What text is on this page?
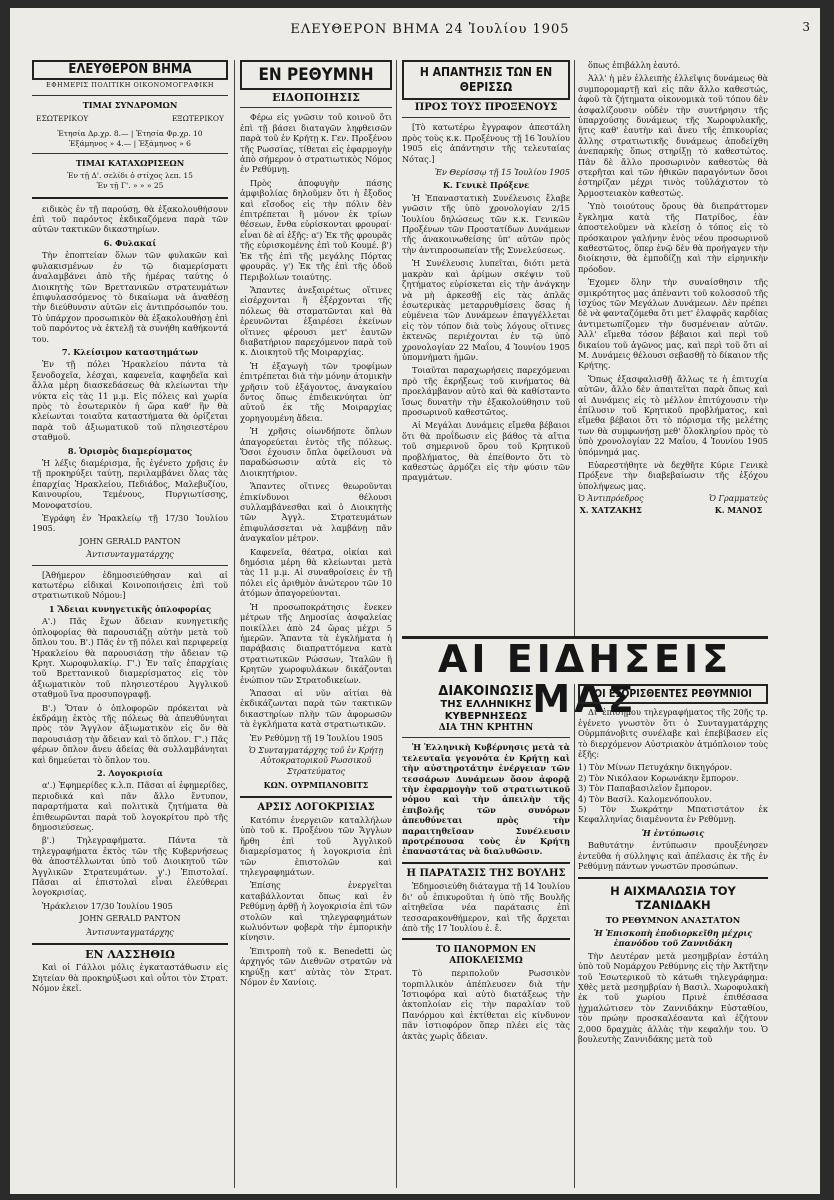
ΕΛΕΥΘΕΡΟΝ ΒΗΜΑ 24 Ἰουλίου 1905	3
ΕΛΕΥΘΕΡΟΝ ΒΗΜΑ
ΕΦΗΜΕΡΙΣ ΠΟΛΙΤΙΚΗ ΟΙΚΟΝΟΜΟΓΡΑΦΙΚΗ
ΤΙΜΑΙ ΣΥΝΔΡΟΜΩΝ
ΕΣΩΤΕΡΙΚΟΥ	ΕΞΩΤΕΡΙΚΟΥ
Ἐτησία Δρ.χρ. 8.— | Ἐτησία Φρ.χρ. 10
Ἑξάμηνος » 4.— | Ἑξάμηνος » 6
ΤΙΜΑΙ ΚΑΤΑΧΩΡΙΣΕΩΝ
Ἐν τῇ Δ'. σελίδι ὁ στίχος λεπ. 15
Ἐν τῇ Γ'. » » » 25

ειδικὸς ἐν τῇ παρούσῃ, θὰ ἐξακολουθήσουν ἐπὶ τοῦ παρόντος ἐκδικαζόμενα παρὰ τῶν αὐτῶν τακτικῶν δικαστηρίων.

6. Φυλακαί

Τὴν ἐποπτείαν ὅλων τῶν φυλακῶν καὶ φυλακισμένων ἐν τῷ διαμερίσματι ἀναλαμβάνει ἀπὸ τῆς ἡμέρας ταύτης ὁ Διοικητὴς τῶν Βρεττανικῶν στρατευμάτων ἐπιφυλασσόμενος τὸ δικαίωμα νὰ ἀναθέσῃ τὴν διεύθυνσιν αὐτῶν εἰς ἀντιπρόσωπόν του. Τὸ ὑπάρχον προσωπικὸν θὰ ἐξακολουθήσῃ ἐπὶ τοῦ παρόντος νὰ ἐκτελῇ τὰ συνήθη καθήκοντά του.

7. Κλείσιμον καταστημάτων

Ἐν τῇ πόλει Ἡρακλείου πάντα τὰ ξενοδοχεῖα, λέσχαι, καφενεῖα, καφηδεῖα καὶ ἄλλα μέρη διασκεδάσεως θὰ κλείωνται τὴν νύκτα εἰς τὰς 11 μ.μ. Εἰς πόλεις καὶ χωρία πρὸς τὸ ἐσωτερικὸν ἡ ὥρα καθ' ἣν θὰ κλείωνται τοιαῦτα καταστήματα θὰ ὁρίζεται παρὰ τοῦ ἀξιωματικοῦ τοῦ πλησιεστέρου σταθμοῦ.

8. Ὁρισμὸς διαμερίσματος

Ἡ λέξις διαμέρισμα, ἧς ἐγένετο χρῆσις ἐν τῇ προκηρύξει ταύτῃ, περιλαμβάνει ὅλας τὰς ἐπαρχίας Ἡρακλείου, Πεδιάδος, Μαλεβυζίου, Καινουρίου, Τεμένους, Πυργιωτίσσης, Μονοφατσίου.

Ἐγράφη ἐν Ἡρακλείῳ τῇ 17/30 Ἰουλίου 1905.

JOHN GERALD PANTON
Ἀντισυνταγματάρχης

[Ἀθήμερον ἐδημοσιεύθησαν καὶ αἱ κατωτέρω εἰδικαὶ Κοινοποιήσεις ἐπὶ τοῦ στρατιωτικοῦ Νόμου:]

1 Ἄδειαι κυνηγετικῆς ὁπλοφορίας

Α'.) Πᾶς ἔχων ἄδειαν κυνηγετικῆς ὁπλοφορίας θὰ παρουσιάζῃ αὐτὴν μετὰ τοῦ ὅπλου του. Β'.) Πᾶς ἐν τῇ πόλει καὶ περιφερείᾳ Ἡρακλείου θὰ παρουσιάσῃ τὴν ἄδειαν τῷ Κρητ. Χωροφυλακίῳ. Γ'.) Ἐν ταῖς ἐπαρχίαις τοῦ Βρεττανικοῦ διαμερίσματος εἰς τὸν ἀξιωματικὸν τοῦ πλησιεστέρου Ἀγγλικοῦ σταθμοῦ ἵνα προσυπογραφῇ.

Β'.) Ὅταν ὁ ὁπλοφορῶν πρόκειται νὰ ἐκδράμῃ ἐκτὸς τῆς πόλεως θὰ ἀπευθύνηται πρὸς τὸν Ἄγγλον ἀξιωματικὸν εἰς ὅν θὰ παρουσιάσῃ τὴν ἄδειαν καὶ τὸ ὅπλον. Γ'.) Πᾶς φέρων ὅπλον ἄνευ ἀδείας θὰ συλλαμβάνηται καὶ δημεύεται τὸ ὅπλον του.

2. Λογοκρισία

α'.) Ἐφημερίδες κ.λ.π. Πᾶσαι αἱ ἐφημερίδες, περιοδικά καὶ πᾶν ἄλλο ἔντυπον, παραρτήματα καὶ πολιτικὰ ζητήματα θὰ ἐπιθεωρῶνται παρὰ τοῦ λογοκρίτου πρὸ τῆς δημοσιεύσεως.

β'.) Τηλεγραφήματα. Πάντα τὰ τηλεγραφήματα ἐκτὸς τῶν τῆς Κυβερνήσεως θὰ ἀποστέλλωνται ὑπὸ τοῦ Διοικητοῦ τῶν Ἀγγλικῶν Στρατευμάτων. γ'.) Ἐπιστολαί. Πᾶσαι αἱ ἐπιστολαὶ εἶναι ἐλεύθεραι λογοκρισίας.

Ἡράκλειον 17/30 Ἰουλίου 1905

JOHN GERALD PANTON
Ἀντισυνταγματάρχης
ΕΝ ΛΑΣΣΗΘΙΩ

Καὶ οἱ Γάλλοι μόλις ἐγκαταστάθωσιν εἰς Σητείαν θὰ προκηρύξωσι καὶ οὗτοι τὸν Στρατ. Νόμον ἐκεῖ.

ΕΝ ΡΕΘΥΜΝΗ
ΕΙΔΟΠΟΙΗΣΙΣ

Φέρω εἰς γνῶσιν τοῦ κοινοῦ ὅτι ἐπὶ τῇ βάσει διαταγῶν ληφθεισῶν παρὰ τοῦ ἐν Κρήτῃ κ. Γεν. Προξένου τῆς Ρωσσίας, τίθεται εἰς ἐφαρμογὴν ἀπὸ σήμερον ὁ στρατιωτικὸς Νόμος ἐν Ρεθύμνῃ.

Πρὸς ἀποφυγὴν πάσης ἀμφιβολίας δηλοῦμεν ὅτι ἡ ἔξοδος καὶ εἴσοδος εἰς τὴν πόλιν δὲν ἐπιτρέπεται ἢ μόνον ἐκ τρίων θέσεων, ἔνθα εὑρίσκονται φρουραί· εἶναι δὲ αἱ ἑξῆς: α') Ἐκ τῆς φρουρᾶς τῆς εὑρισκομένης ἐπὶ τοῦ Κουμέ. β') Ἐκ τῆς ἐπὶ τῆς μεγάλης Πόρτας φρουρᾶς. γ') Ἐκ τῆς ἐπὶ τῆς ὁδοῦ Περιβολίων τοιαύτης.

Ἅπαντες ἀνεξαιρέτως οἵτινες εἰσέρχονται ἢ ἐξέρχονται τῆς πόλεως θὰ σταματῶνται καὶ θὰ ἐρευνῶνται ἐξαιρέσει ἐκείνων οἵτινες φέρουσι μετ' ἑαυτῶν διαβατήριον παρεχόμενον παρὰ τοῦ κ. Διοικητοῦ τῆς Μοιραρχίας.

Ἡ ἐξαγωγὴ τῶν τροφίμων ἐπιτρέπεται διὰ τὴν μόνην ἀτομικὴν χρῆσιν τοῦ ἐξάγοντος, ἀναγκαίου ὄντος ὅπως ἐπιδεικνύηται ὑπ' αὐτοῦ ἐκ τῆς Μοιραρχίας χορηγουμένη ἄδεια.

Ἡ χρῆσις οἱωνδήποτε ὅπλων ἀπαγορεύεται ἐντὸς τῆς πόλεως. Ὅσοι ἐχουσιν ὅπλα ὀφείλουσι νὰ παραδώσωσιν αὐτὰ εἰς τὸ Διοικητήριον.

Ἅπαντες οἵτινες θεωροῦνται ἐπικίνδυνοι θέλουσι συλλαμβάνεσθαι καὶ ὁ Διοικητὴς τῶν Ἀγγλ. Στρατευμάτων ἐπιφυλάσσεται νὰ λαμβάνῃ πᾶν ἀναγκαῖον μέτρον.

Καφενεῖα, θέατρα, οἰκίαι καὶ δημόσια μέρη θὰ κλείωνται μετὰ τὰς 11 μ.μ. Αἱ συναθροίσεις ἐν τῇ πόλει εἰς ἀριθμὸν ἀνώτερον τῶν 10 ἀτόμων ἀπαγορεύονται.

Ἡ προσωποκράτησις ἕνεκεν μέτρων τῆς Δημοσίας ἀσφαλείας ποικίλλει ἀπὸ 24 ὥρας μέχρι 5 ἡμερῶν. Ἅπαντα τὰ ἐγκλήματα ἡ παράβασις διαπραττόμενα κατὰ στρατιωτικῶν Ρώσσων, Ἰταλῶν ἢ Κρητῶν χωροφυλάκων δικάζονται ἐνώπιον τῶν Στρατοδικείων.

Ἅπασαι αἱ νῦν αἰτίαι θὰ ἐκδικάζωνται παρὰ τῶν τακτικῶν δικαστηρίων πλὴν τῶν ἀφορωσῶν τὰ ἐγκλήματα κατὰ στρατιωτικῶν.

Ἐν Ρεθύμνῃ τῇ 19 Ἰουλίου 1905

Ὁ Συνταγματάρχης τοῦ ἐν Κρήτῃ Αὐτοκρατορικοῦ Ρωσσικοῦ Στρατεύματος
ΚΩΝ. ΟΥΡΜΠΑΝΟΒΙΤΣ
ΑΡΣΙΣ ΛΟΓΟΚΡΙΣΙΑΣ

Κατόπιν ἐνεργειῶν καταλλήλων ὑπὸ τοῦ κ. Προξένου τῶν Ἄγγλων ἤρθη ἐπὶ τοῦ Ἀγγλικοῦ διαμερίσματος ἡ λογοκρισία ἐπὶ τῶν ἐπιστολῶν καὶ τηλεγραφημάτων.

Ἐπίσης ἐνεργεῖται καταβάλλονται ὅπως καὶ ἐν Ρεθύμνῃ ἀρθῇ ἡ λογοκρισία ἐπὶ τῶν στολῶν καὶ τηλεγραφημάτων κωλυόντων φοβερὰ τὴν ἐμπορικὴν κίνησιν.

Ἐπιτροπὴ τοῦ κ. Benedetti ὡς ἀρχηγός τῶν Διεθνῶν στρατῶν νὰ κηρύξῃ κατ' αὐτὰς τὸν Στρατ. Νόμον ἐν Χανίοις.

Η ΑΠΑΝΤΗΣΙΣ ΤΩΝ ΕΝ ΘΕΡΙΣΣΩ
ΠΡΟΣ ΤΟΥΣ ΠΡΟΞΕΝΟΥΣ

[Τὸ κατωτέρω ἔγγραφον ἀπεστάλη πρὸς τοὺς κ.κ. Προξένους τῇ 16 Ἰουλίου 1905 εἰς ἀπάντησιν τῆς τελευταίας Νότας.]

Ἐν Θερίσσῳ τῇ 15 Ἰουλίου 1905

Κ. Γενικὲ Πρόξενε

Ἡ Ἐπαναστατικὴ Συνέλευσις ἔλαβε γνῶσιν τῆς ὑπὸ χρονολογίαν 2/15 Ἰουλίου δηλώσεως τῶν κ.κ. Γενικῶν Προξένων τῶν Προστατίδων Δυνάμεων τῆς ἀνακοινωθείσης ὑπ' αὐτῶν πρὸς τὴν ἀντιπροσωπείαν τῆς Συνελεύσεως.

Ἡ Συνέλευσις λυπεῖται, διότι μετὰ μακρὰν καὶ ἀρίμων σκέψιν τοῦ ζητήματος εὑρίσκεται εἰς τὴν ἀνάγκην νὰ μὴ ἀρκεσθῇ εἰς τὰς ἁπλᾶς ἐσωτερικὰς μεταρρυθμίσεις ὅσας ἡ εὐμένεια τῶν Δυνάμεων ἐπαγγέλλεται εἰς τὸν τόπον διὰ τοὺς λόγους οἵτινες ἐκτενῶς περιέχονται ἐν τῷ ὑπὸ χρονολογίαν 22 Μαΐου, 4 Ἰουνίου 1905 ὑπομνήματι ἡμῶν.

Τοιαῦται παραχωρήσεις παρεχόμεναι πρὸ τῆς ἐκρήξεως τοῦ κινήματος θὰ προελάμβανον αὐτὸ καὶ θὰ καθίσταντο ἴσως δυνατὴν τὴν ἐξακολούθησιν τοῦ προσωρινοῦ καθεστῶτος.

Αἱ Μεγάλαι Δυνάμεις εἴμεθα βέβαιοι ὅτι θὰ προΐδωσιν εἰς βάθος τὰ αἴτια τοῦ σημερινοῦ ὅρου τοῦ Κρητικοῦ προβλήματος, θὰ ἐπείθοντο ὅτι τὸ καθεστὼς ἀρμόζει εἰς τὴν φύσιν τῶν πραγμάτων.

ὅπως ἐπιβάλλη ἑαυτό.

Ἀλλ' ἡ μὲν ἐλλειπὴς ἐλλεῖψις δυνάμεως θὰ συμπορομαρτῇ καὶ εἰς πᾶν ἄλλο καθεστώς, ἀφοῦ τὰ ζήτηματα οἰκονομικὰ τοῦ τόπου δὲν ἀσφαλίζουσιν οὐδὲν τὴν συντήρησιν τῆς ὑπαρχούσης δυνάμεως τῆς Χωροφυλακῆς, ἥτις καθ' ἑαυτὴν καὶ ἄνευ τῆς ἐπικουρίας ἄλλης στρατιωτικῆς δυνάμεως ἀποδείχθη ἀνεπαρκὴς ὅπως στηρίξῃ τὸ καθεστώτος. Πᾶν δὲ ἄλλο προσωρινὸν καθεστὼς θὰ στερῆται καὶ τῶν ἠθικῶν παραγόντων ὅσοι ἐστηρίζαν μέχρι τινὸς τοῦλάχιστον τὸ Ἁρμοστειακὸν καθεστώς.

Ὑπὸ τοιούτους ὅρους θὰ διεπράττομεν ἔγκλημα κατὰ τῆς Πατρίδος, ἐὰν ἀποστελοῦμεν νὰ κλείσῃ ὁ τόπος εἰς τὸ πρόσκαιρον γαλήνην ἐνὸς νέου προσωρινοῦ καθεστῶτος, ὅπερ ἐνῷ δὲν θὰ προήγαγεν τὴν διοίκησιν, θὰ ἐμποδίζῃ καὶ τὴν εἰρηνικὴν πρόοδον.

Ἐχομεν ὅλην τὴν συναίσθησιν τῆς σμικρότητος μας ἀπέναντι τοῦ κολοσσοῦ τῆς ἰσχύος τῶν Μεγάλων Δυνάμεων. Δὲν πρέπει δὲ νὰ φανταζόμεθα ὅτι μετ' ἐλαφρᾶς καρδίας ἀντιμετωπίζομεν τὴν δυσμένειαν αὐτῶν. Ἀλλ' εἴμεθα τόσον βέβαιοι καὶ περὶ τοῦ δικαίου τοῦ ἀγῶνος μας, καὶ περὶ τοῦ ὅτι αἱ Μ. Δυνάμεις θέλουσι σεβασθῇ τὸ δίκαιον τῆς Κρήτης.

Ὅπως ἐξασφαλισθῇ ἄλλως τε ἡ ἐπιτυχία αὐτῶν, ἄλλο δὲν ἀπαιτεῖται παρὰ ὅπως καὶ αἱ Δυνάμεις εἰς τὸ μέλλον ἐπιτύχουσιν τὴν ἐπίλυσιν τοῦ Κρητικοῦ προβλήματος, καὶ εἴμεθα βέβαιοι ὅτι τὸ πόρισμα τῆς μελέτης των θὰ συμφωνήσῃ μεθ' ὅλοκληρίου πρὸς τὸ ὑπὸ χρονολογίαν 22 Μαΐου, 4 Ἰουνίου 1905 ὑπόμνημά μας.

Εὐαρεστήθητε νὰ δεχθῆτε Κύριε Γενικὲ Πρόξενε τὴν διαβεβαίωσιν τῆς ἐξόχου ὑπολήψεως μας.

Ὁ Ἀντιπρόεδρος
Χ. ΧΑΤΖΑΚΗΣ
Ὁ Γραμματεὺς
Κ. ΜΑΝΟΣ
ΑΙ ΕΙΔΗΣΕΙΣ ΜΑΣ
ΔΙΑΚΟΙΝΩΣΙΣ
ΤΗΣ ΕΛΛΗΝΙΚΗΣ ΚΥΒΕΡΝΗΣΕΩΣ
ΔΙΑ ΤΗΝ ΚΡΗΤΗΝ

Ἡ Ἑλληνικὴ Κυβέρνησις μετὰ τὰ τελευταῖα γεγονότα ἐν Κρήτῃ καὶ τὴν αὐστηροτάτην ἐνέργειαν τῶν τεσσάρων Δυνάμεων ὅσον ἀφορᾷ τὴν ἐφαρμογὴν τοῦ στρατιωτικοῦ νόμου καὶ τὴν ἀπειλὴν τῆς ἐπιβολῆς τῶν συνόρων ἀπευθύνεται πρὸς τὴν παραιτηθεῖσαν Συνέλευσιν προτρέπουσα τοὺς ἐν Κρήτῃ ἐπαναστάτας νὰ διαλυθῶσιν.

Η ΠΑΡΑΤΑΣΙΣ ΤΗΣ ΒΟΥΛΗΣ

Ἐδημοσιεύθη διάταγμα τῇ 14 Ἰουλίου δι' οὗ ἐπικυροῦται ἡ ὑπὸ τῆς Βουλῆς αἰτηθεῖσα νέα παράτασις ἐπὶ τεσσαρακονθήμερον, καὶ τῆς ἄρχεται ἀπὸ τῆς 17 Ἰουλίου ἐ. ἔ.

ΤΟ ΠΑΝΟΡΜΟΝ ΕΝ ΑΠΟΚΛΕΙΣΜΩ

Τὸ περιπολοῦν Ρωσσικὸν τορπιλλικὸν ἀπέπλευσεν διὰ τὴν Ἰστιοφόρα καὶ αὐτὸ διατάξεως τὴν ἀκτοπλοίαν εἰς τὴν παραλίαν τοῦ Πανόρμου καὶ ἐκτίθεται εἰς κίνδυνον πᾶν ἰστιοφόρον ὅπερ πλέει εἰς τὰς ἀκτὰς χωρὶς ἄδειαν.

ΟΙ ΕΞΟΡΙΣΘΕΝΤΕΣ ΡΕΘΥΜΝΙΟΙ

Δι' ἐπισήμου τηλεγραφήματος τῆς 20ῆς τρ. ἐγένετο γνωστὸν ὅτι ὁ Συνταγματάρχης Οὐρμπάνοβιτς συνέλαβε καὶ ἐπεβίβασεν εἰς τὸ διερχόμενον Αὐστριακὸν ἀτμόπλοιον τοὺς ἑξῆς:

1) Τὸν Μίνων Πετυχάκην δικηγόρον.
2) Τὸν Νικόλαον Κορωνάκην ἔμπορον.
3) Τὸν Παπαβασιλεῖον ἔμπορον.
4) Τὸν Βασίλ. Καλομενόπουλον.
5) Τὸν Σωκράτην Μπατιστάτον ἐκ Κεφαλληνίας διαμένοντα ἐν Ρεθύμνῃ.

Ἡ ἐντύπωσις

Βαθυτάτην ἐντύπωσιν προυξένησεν ἐντεῦθα ἡ σύλληψις καὶ ἀπέλασις ἐκ τῆς ἐν Ρεθύμνῃ πάντων γνωστῶν προσώπων.

Η ΑΙΧΜΑΛΩΣΙΑ ΤΟΥ ΤΖΑΝΙΔΑΚΗ
ΤΟ ΡΕΘΥΜΝΟΝ ΑΝΑΣΤΑΤΟΝ
Ἡ Ἐπισκοπὴ ἐποδιορκεῖθη μέχρις ἐπανόδου τοῦ Ζαννιδάκη

Τὴν Δευτέραν μετὰ μεσημβρίαν ἐστάλη ὑπὸ τοῦ Νομάρχου Ρεθύμνης εἰς τὴν Ἀκτῆτην τοῦ Ἐσωτερικοῦ τὸ κάτωθι τηλεγράφημα: Χθὲς μετὰ μεσημβρίαν ἡ Βασιλ. Χωροφυλακὴ ἐκ τοῦ χωρίου Πρινὲ ἐπιθέσασα ᾐχμαλώτισεν τὸν Ζαννιδάκην Εὐσταθίου, τὸν πρώην προσκαλέσαντα καὶ ἐζήτουν 2,000 δραχμὰς ἀλλὰς τὴν κεφαλήν του. Ὁ βουλευτὴς Ζαννιδάκης μετὰ τοῦ
